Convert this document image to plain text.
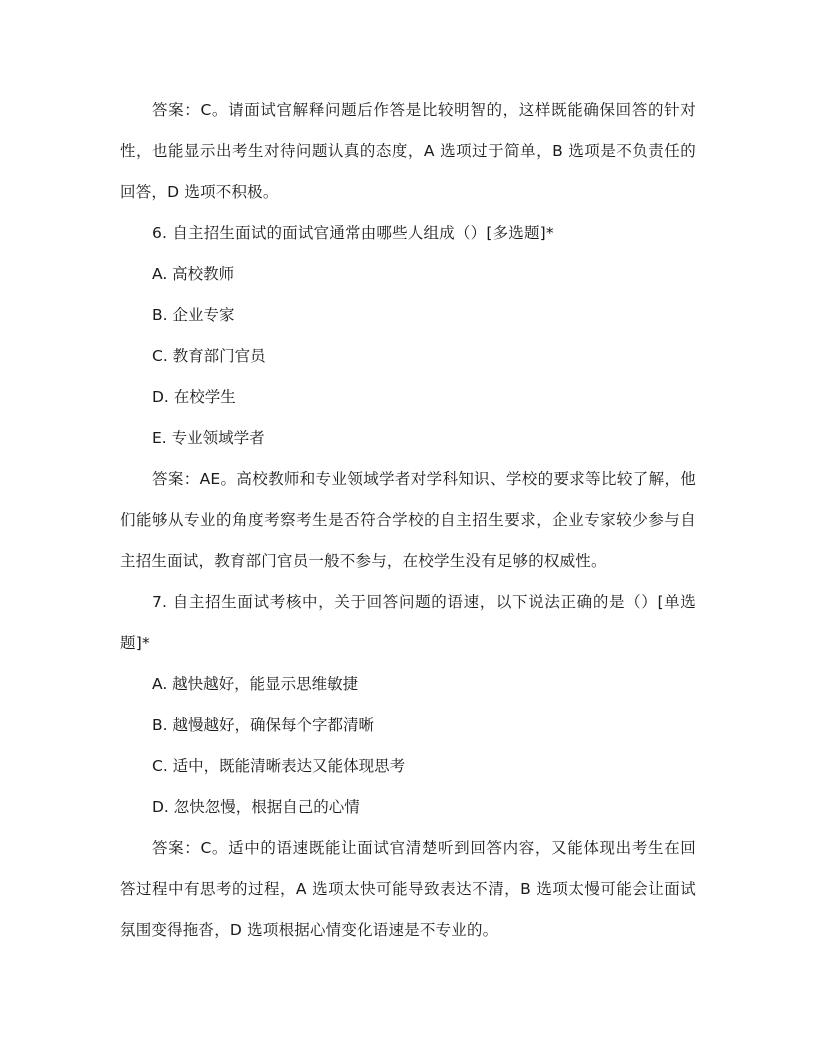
答案：C。请面试官解释问题后作答是比较明智的，这样既能确保回答的针对性，也能显示出考生对待问题认真的态度，A 选项过于简单，B 选项是不负责任的回答，D 选项不积极。

6. 自主招生面试的面试官通常由哪些人组成（）[多选题]*

A. 高校教师

B. 企业专家

C. 教育部门官员

D. 在校学生

E. 专业领域学者

答案：AE。高校教师和专业领域学者对学科知识、学校的要求等比较了解，他们能够从专业的角度考察考生是否符合学校的自主招生要求，企业专家较少参与自主招生面试，教育部门官员一般不参与，在校学生没有足够的权威性。

7. 自主招生面试考核中，关于回答问题的语速，以下说法正确的是（）[单选题]*

A. 越快越好，能显示思维敏捷

B. 越慢越好，确保每个字都清晰

C. 适中，既能清晰表达又能体现思考

D. 忽快忽慢，根据自己的心情

答案：C。适中的语速既能让面试官清楚听到回答内容，又能体现出考生在回答过程中有思考的过程，A 选项太快可能导致表达不清，B 选项太慢可能会让面试氛围变得拖沓，D 选项根据心情变化语速是不专业的。
